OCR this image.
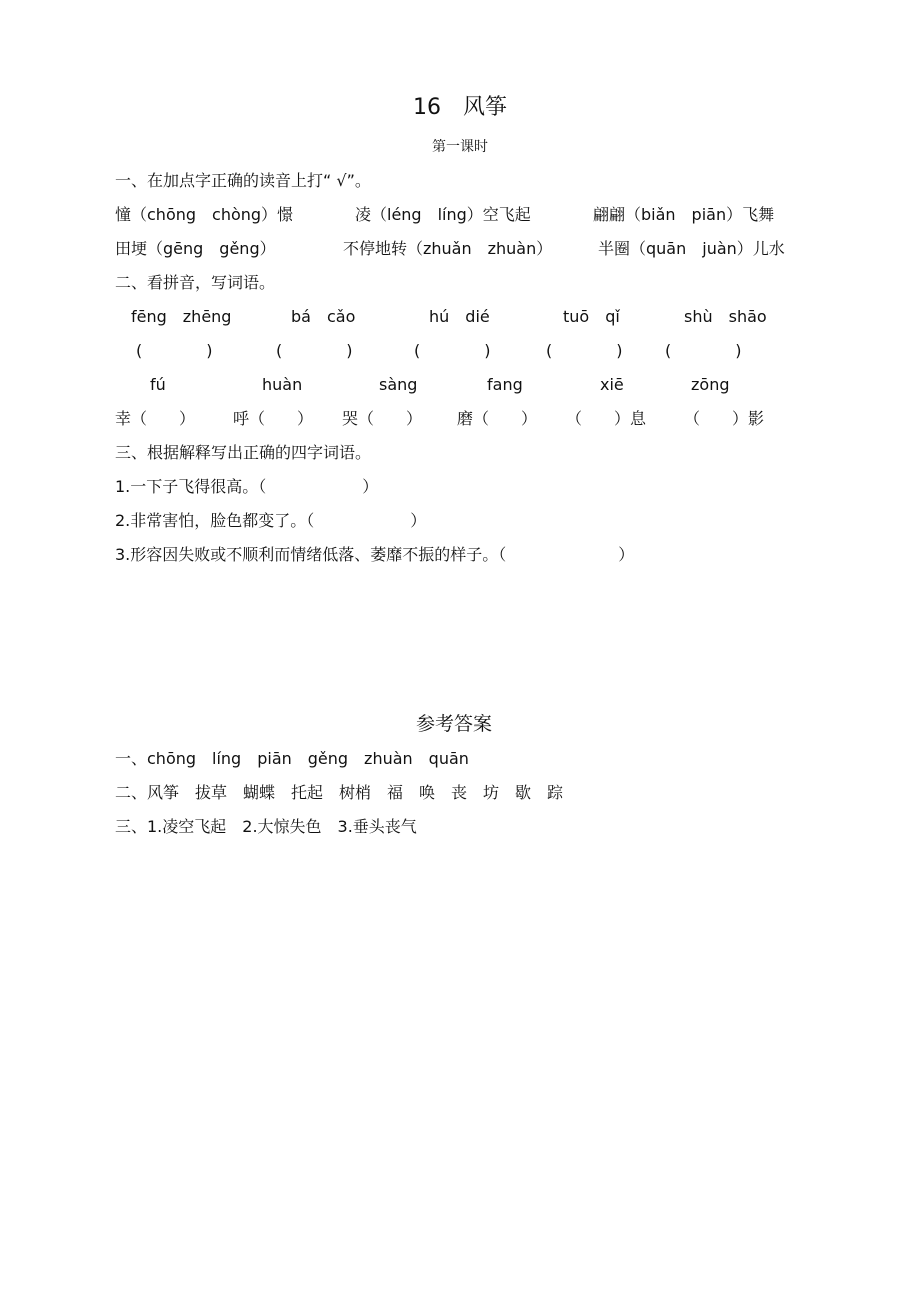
16　风筝
第一课时
一、在加点字正确的读音上打“ √”。
憧（chōng　chòng）憬	凌（léng　líng）空飞起	翩翩（biǎn　piān）飞舞
田埂（gēng　gěng）	不停地转（zhuǎn　zhuàn）	半圈（quān　juàn）儿水
二、看拼音，写词语。
fēng　zhēng	bá　cǎo	hú　dié	tuō　qǐ	shù　shāo
(　　　　)	(　　　　)	(　　　　)	(　　　　)	(　　　　)
fú	huàn	sàng	fang	xiē	zōng
幸（　　） 呼（　　） 哭（　　） 磨（　　） （　　）息 （　　）影
三、根据解释写出正确的四字词语。
1.一下子飞得很高。（　　　　　　）
2.非常害怕，脸色都变了。（　　　　　　）
3.形容因失败或不顺利而情绪低落、萎靡不振的样子。（　　　　　　　）
参考答案
一、chōng　líng　piān　gěng　zhuàn　quān
二、风筝　拔草　蝴蝶　托起　树梢　福　唤　丧　坊　歇　踪
三、1.凌空飞起　2.大惊失色　3.垂头丧气
